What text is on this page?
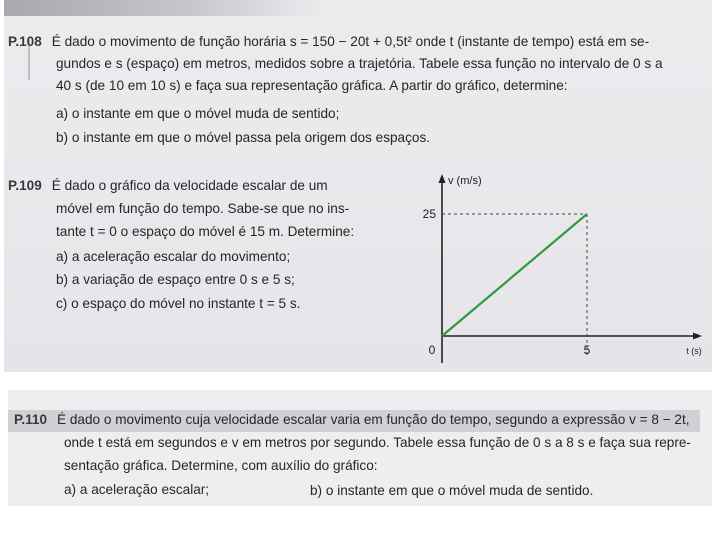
P.108 É dado o movimento de função horária s = 150 − 20t + 0,5t² onde t (instante de tempo) está em se-
gundos e s (espaço) em metros, medidos sobre a trajetória. Tabele essa função no intervalo de 0 s a
40 s (de 10 em 10 s) e faça sua representação gráfica. A partir do gráfico, determine:
a) o instante em que o móvel muda de sentido;
b) o instante em que o móvel passa pela origem dos espaços.
P.109 É dado o gráfico da velocidade escalar de um
móvel em função do tempo. Sabe-se que no ins-
tante t = 0 o espaço do móvel é 15 m. Determine:
a) a aceleração escalar do movimento;
b) a variação de espaço entre 0 s e 5 s;
c) o espaço do móvel no instante t = 5 s.
v (m/s)
25
5
0	t (s)
P.110 É dado o movimento cuja velocidade escalar varia em função do tempo, segundo a expressão v = 8 − 2t,
onde t está em segundos e v em metros por segundo. Tabele essa função de 0 s a 8 s e faça sua repre-
sentação gráfica. Determine, com auxílio do gráfico:
a) a aceleração escalar;	b) o instante em que o móvel muda de sentido.
